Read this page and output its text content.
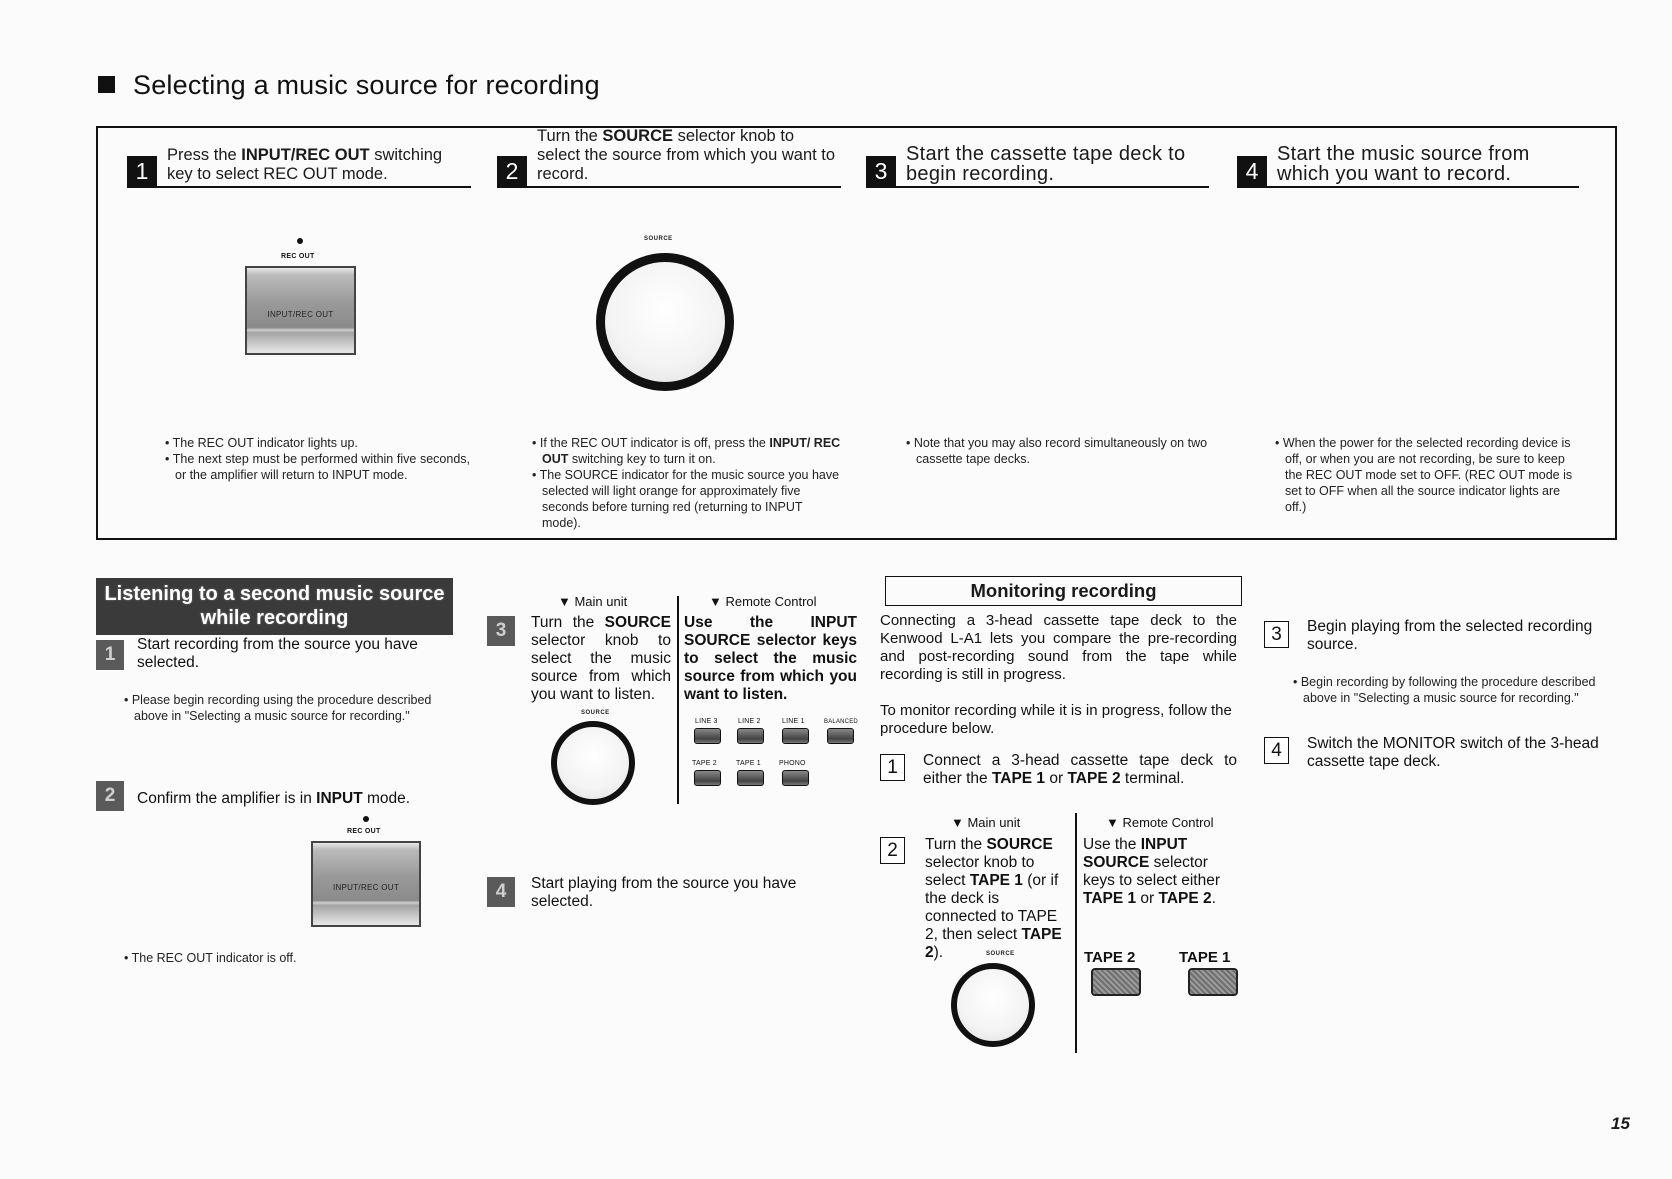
Selecting a music source for recording
1
Press the INPUT/REC OUT switching key to select REC OUT mode.	2
Turn the SOURCE selector knob to select the source from which you want to record.	3
Start the cassette tape deck to begin recording.	4
Start the music source from which you want to record.
REC OUT
INPUT/REC OUT
SOURCE
• The REC OUT indicator lights up.
• The next step must be performed within five seconds, or the amplifier will return to INPUT mode.
• If the REC OUT indicator is off, press the INPUT/ REC OUT switching key to turn it on.
• The SOURCE indicator for the music source you have selected will light orange for approximately five seconds before turning red (returning to INPUT mode).
• Note that you may also record simultaneously on two cassette tape decks.
• When the power for the selected recording device is off, or when you are not recording, be sure to keep the REC OUT mode set to OFF. (REC OUT mode is set to OFF when all the source indicator lights are off.)
Listening to a second music source
while recording
1	Start recording from the source you have selected.
• Please begin recording using the procedure described above in "Selecting a music source for recording."
2	Confirm the amplifier is in INPUT mode.
REC OUT
INPUT/REC OUT
• The REC OUT indicator is off.
3
▼ Main unit	▼ Remote Control
Turn the SOURCE selector knob to select the music source from which you want to listen.
Use the INPUT SOURCE selector keys to select the music source from which you want to listen.
SOURCE
LINE 3	LINE 2	LINE 1	BALANCED
TAPE 2	TAPE 1	PHONO
4	Start playing from the source you have selected.
Monitoring recording
Connecting a 3-head cassette tape deck to the Kenwood L-A1 lets you compare the pre-recording and post-recording sound from the tape while recording is still in progress.
To monitor recording while it is in progress, follow the procedure below.
1	Connect a 3-head cassette tape deck to either the TAPE 1 or TAPE 2 terminal.
▼ Main unit	▼ Remote Control
2	Turn the SOURCE selector knob to select TAPE 1 (or if the deck is connected to TAPE 2, then select TAPE 2).
Use the INPUT SOURCE selector keys to select either TAPE 1 or TAPE 2.
SOURCE	TAPE 2	TAPE 1
3	Begin playing from the selected recording source.
• Begin recording by following the procedure described above in "Selecting a music source for recording."
4	Switch the MONITOR switch of the 3-head cassette tape deck.
15
